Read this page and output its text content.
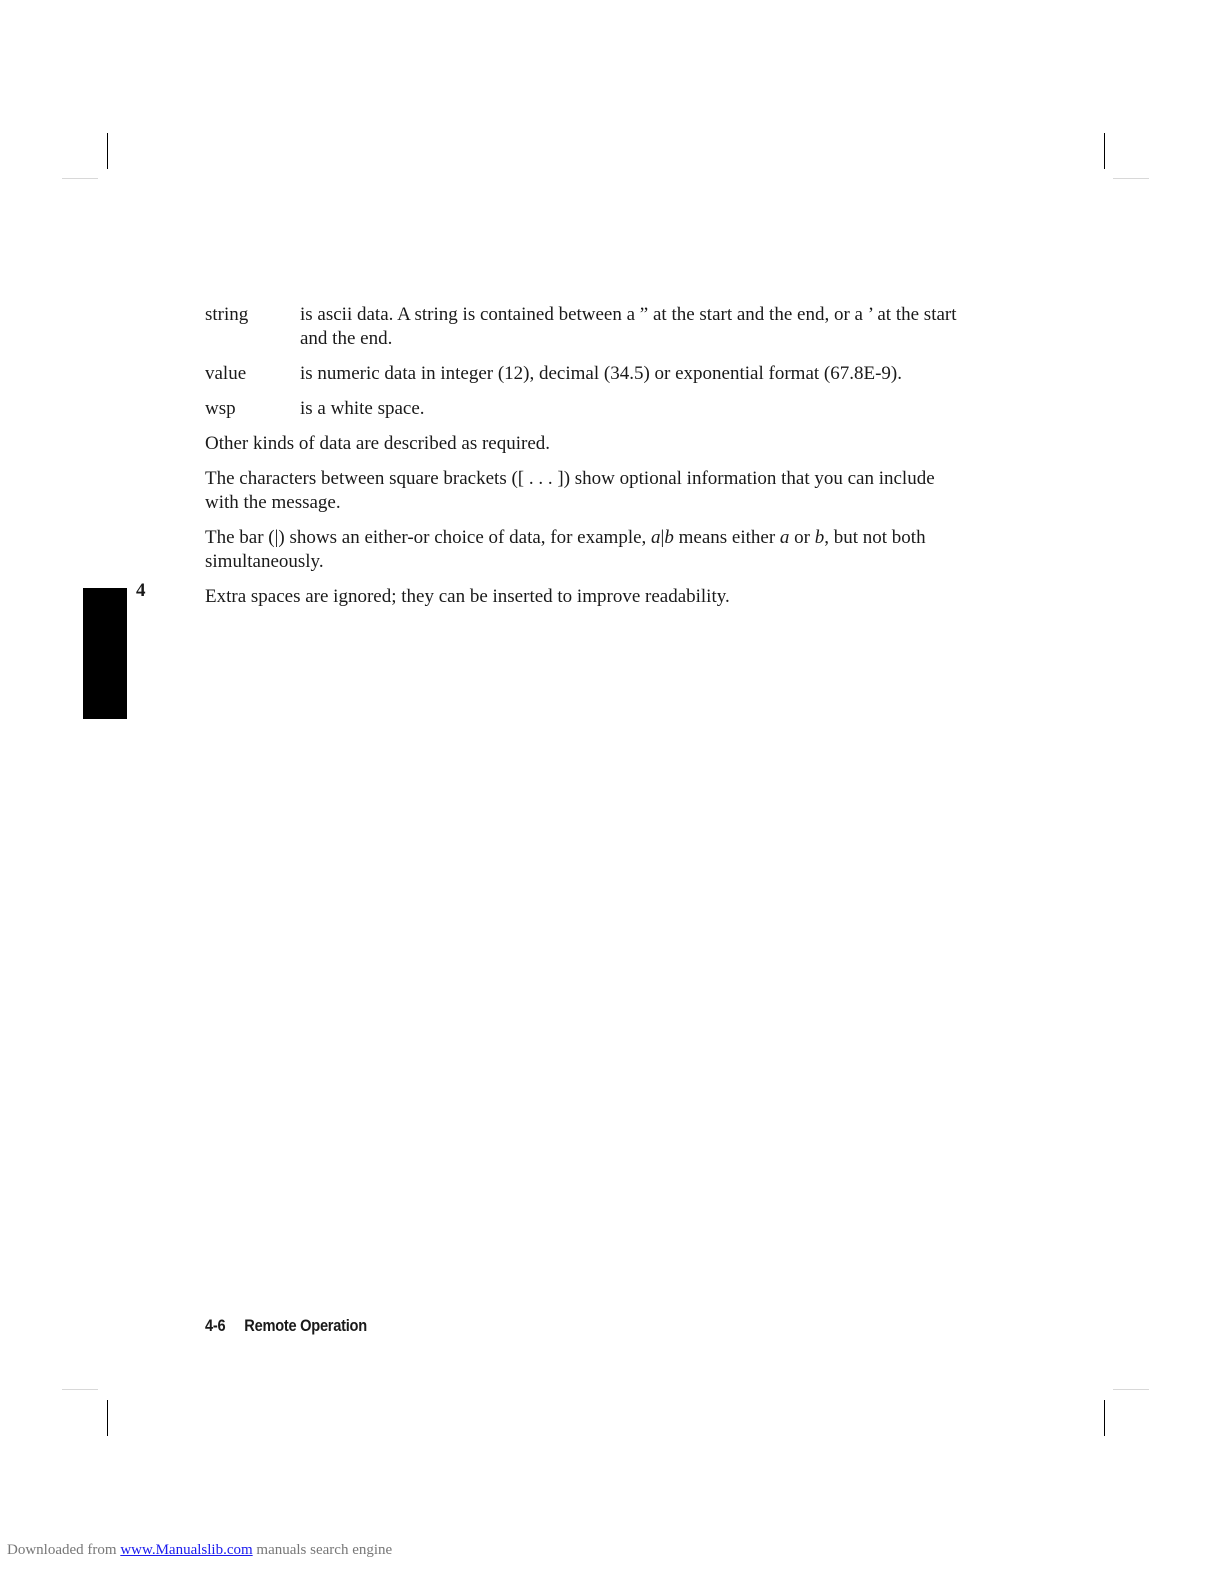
4
string	is ascii data. A string is contained between a ” at the start and the end, or a ’ at the start and the end.
value	is numeric data in integer (12), decimal (34.5) or exponential format (67.8E-9).
wsp	is a white space.

Other kinds of data are described as required.

The characters between square brackets ([ . . . ]) show optional information that you can include with the message.

The bar (|) shows an either-or choice of data, for example, a|b means either a or b, but not both simultaneously.

Extra spaces are ignored; they can be inserted to improve readability.

4-6 Remote Operation
Downloaded from www.Manualslib.com manuals search engine
